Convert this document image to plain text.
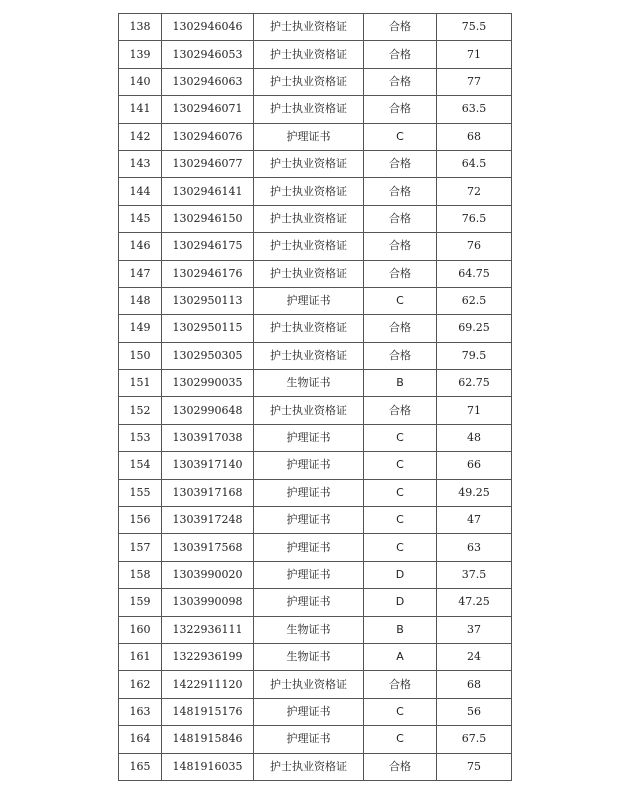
138	1302946046	护士执业资格证	合格	75.5
139	1302946053	护士执业资格证	合格	71
140	1302946063	护士执业资格证	合格	77
141	1302946071	护士执业资格证	合格	63.5
142	1302946076	护理证书	C	68
143	1302946077	护士执业资格证	合格	64.5
144	1302946141	护士执业资格证	合格	72
145	1302946150	护士执业资格证	合格	76.5
146	1302946175	护士执业资格证	合格	76
147	1302946176	护士执业资格证	合格	64.75
148	1302950113	护理证书	C	62.5
149	1302950115	护士执业资格证	合格	69.25
150	1302950305	护士执业资格证	合格	79.5
151	1302990035	生物证书	B	62.75
152	1302990648	护士执业资格证	合格	71
153	1303917038	护理证书	C	48
154	1303917140	护理证书	C	66
155	1303917168	护理证书	C	49.25
156	1303917248	护理证书	C	47
157	1303917568	护理证书	C	63
158	1303990020	护理证书	D	37.5
159	1303990098	护理证书	D	47.25
160	1322936111	生物证书	B	37
161	1322936199	生物证书	A	24
162	1422911120	护士执业资格证	合格	68
163	1481915176	护理证书	C	56
164	1481915846	护理证书	C	67.5
165	1481916035	护士执业资格证	合格	75
